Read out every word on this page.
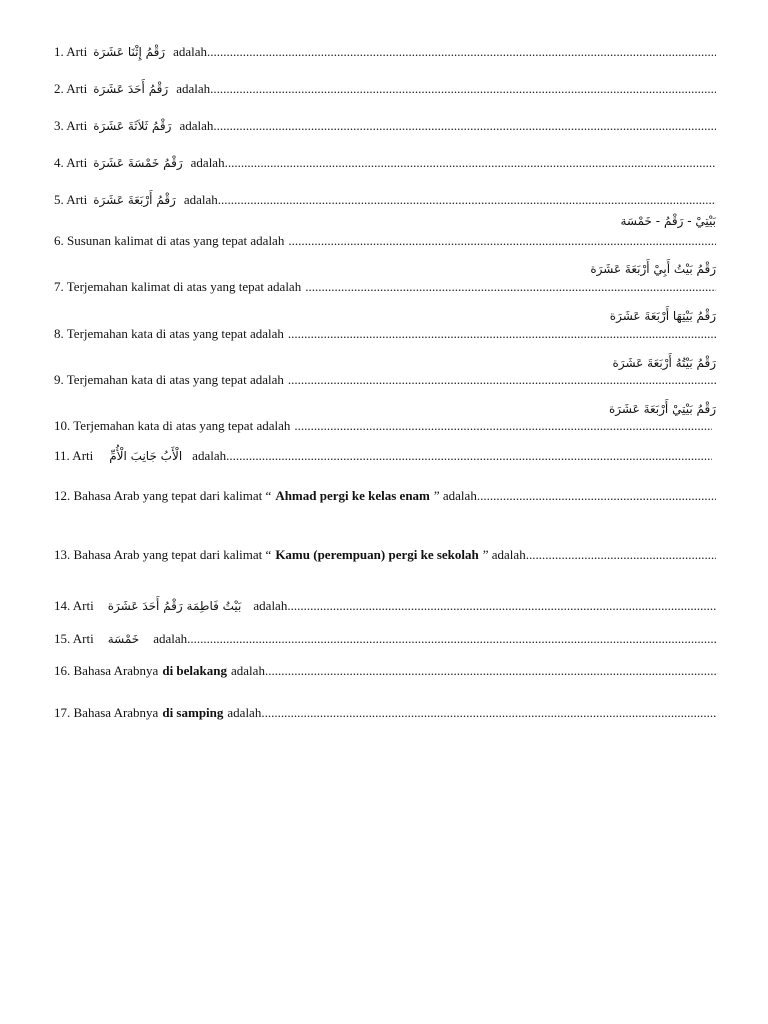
1. Arti رَقْمُ إِثْنَا عَشَرَة adalah
.....
2. Arti رَقْمُ أَحَدَ عَشَرَة adalah
.....
3. Arti رَقْمُ ثَلاَثَةَ عَشَرَة adalah
.....
4. Arti رَقْمُ خَمْسَةَ عَشَرَة adalah
.....
5. Arti رَقْمُ أَرْبَعَةَ عَشَرَة adalah
.....
بَيْتِيْ - رَقْمُ - خَمْسَة
6. Susunan kalimat di atas yang tepat adalah
.....
رَقْمُ بَيْتُ أَبِيْ أَرْبَعَةَ عَشَرَة
7. Terjemahan kalimat di atas yang tepat adalah
.....
رَقْمُ بَيْتِهَا أَرْبَعَةَ عَشَرَة
8. Terjemahan kata di atas yang tepat adalah
.....
رَقْمُ بَيْتُهُ أَرْبَعَةَ عَشَرَة
9. Terjemahan kata di atas yang tepat adalah
.....
رَقْمُ بَيْتِيْ أَرْبَعَةَ عَشَرَة
10. Terjemahan kata di atas yang tepat adalah
.....
11. Arti الْأَبُ جَانِبَ الْأُمِّ adalah
.....
12. Bahasa Arab yang tepat dari kalimat “ Ahmad pergi ke kelas enam ” adalah
.....
13. Bahasa Arab yang tepat dari kalimat “ Kamu (perempuan) pergi ke sekolah ” adalah
.....
14. Arti بَيْتُ فَاطِمَة رَقْمُ أَحَدَ عَشَرَة adalah
.....
15. Arti خَمْسَة adalah
.....
16. Bahasa Arabnya di belakang adalah
.....
17. Bahasa Arabnya di samping adalah
.....
